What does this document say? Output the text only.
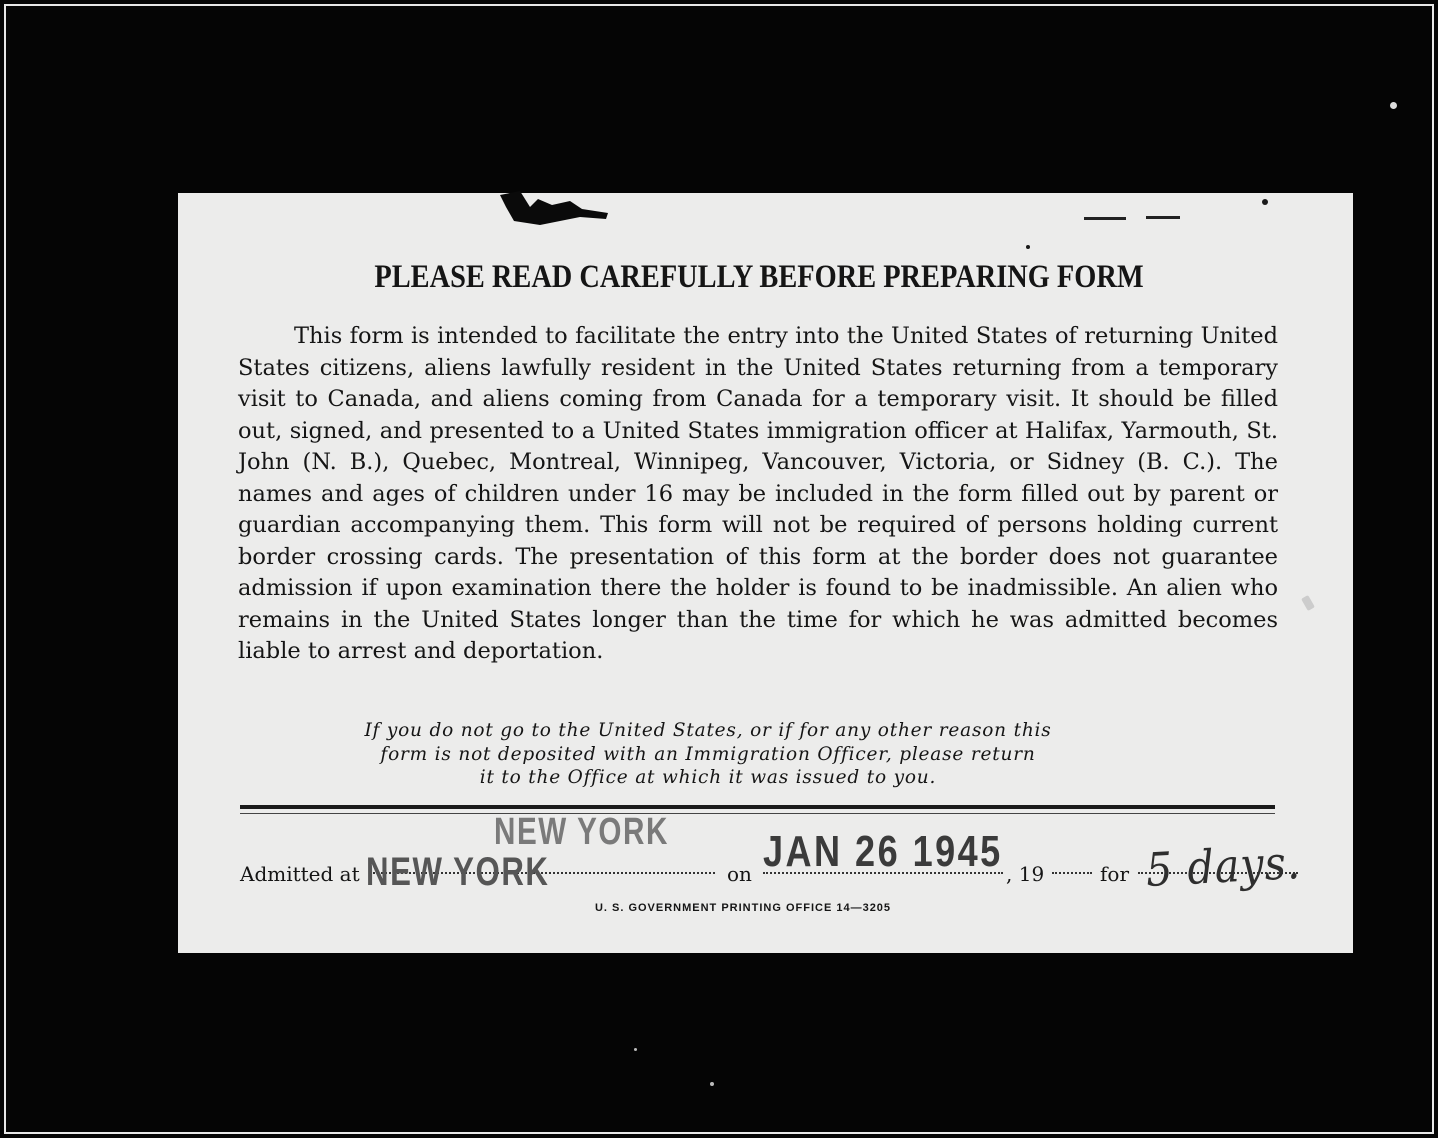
PLEASE READ CAREFULLY BEFORE PREPARING FORM
This form is intended to facilitate the entry into the United States of returning United States citizens, aliens lawfully resident in the United States returning from a temporary visit to Canada, and aliens coming from Canada for a temporary visit. It should be filled out, signed, and presented to a United States immigration officer at Halifax, Yarmouth, St. John (N. B.), Quebec, Montreal, Winnipeg, Vancouver, Victoria, or Sidney (B. C.). The names and ages of children under 16 may be included in the form filled out by parent or guardian accompanying them. This form will not be required of persons holding current border crossing cards. The presentation of this form at the border does not guarantee admission if upon examination there the holder is found to be inadmissible. An alien who remains in the United States longer than the time for which he was admitted becomes liable to arrest and deportation.
If you do not go to the United States, or if for any other reason this
form is not deposited with an Immigration Officer, please return
it to the Office at which it was issued to you.
NEW YORK JAN 26 1945
Admitted at	on	, 19	for
NEW YORK	5 days.
U. S. GOVERNMENT PRINTING OFFICE 14—3205
